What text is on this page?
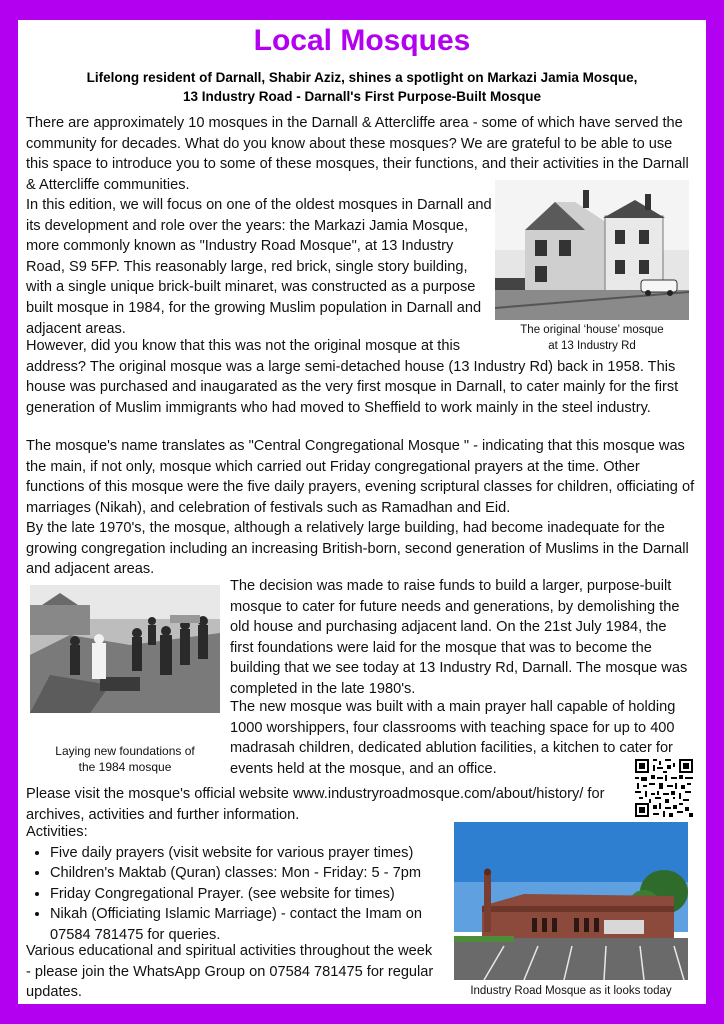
Local Mosques
Lifelong resident of Darnall, Shabir Aziz, shines a spotlight on Markazi Jamia Mosque,
13 Industry Road - Darnall's First Purpose-Built Mosque

There are approximately 10 mosques in the Darnall & Attercliffe area - some of which have served the community for decades. What do you know about these mosques? We are grateful to be able to use this space to introduce you to some of these mosques, their functions, and their activities in the Darnall & Attercliffe communities.

In this edition, we will focus on one of the oldest mosques in Darnall and its development and role over the years: the Markazi Jamia Mosque, more commonly known as "Industry Road Mosque", at 13 Industry Road, S9 5FP. This reasonably large, red brick, single story building, with a single unique brick-built minaret, was constructed as a purpose built mosque in 1984, for the growing Muslim population in Darnall and adjacent areas.	The original ‘house’ mosque
at 13 Industry Rd

However, did you know that this was not the original mosque at this
address? The original mosque was a large semi-detached house (13 Industry Rd) back in 1958. This house was purchased and inaugarated as the very first mosque in Darnall, to cater mainly for the first generation of Muslim immigrants who had moved to Sheffield to work mainly in the steel industry.

The mosque's name translates as "Central Congregational Mosque " - indicating that this mosque was the main, if not only, mosque which carried out Friday congregational prayers at the time. Other functions of this mosque were the five daily prayers, evening scriptural classes for children, officiating of marriages (Nikah), and celebration of festivals such as Ramadhan and Eid.

By the late 1970's, the mosque, although a relatively large building, had become inadequate for the growing congregation including an increasing British-born, second generation of Muslims in the Darnall and adjacent areas.

Laying new foundations of
the 1984 mosque

The decision was made to raise funds to build a larger, purpose-built mosque to cater for future needs and generations, by demolishing the old house and purchasing adjacent land. On the 21st July 1984, the first foundations were laid for the mosque that was to become the building that we see today at 13 Industry Rd, Darnall. The mosque was completed in the late 1980's.

The new mosque was built with a main prayer hall capable of holding 1000 worshippers, four classrooms with teaching space for up to 400 madrasah children, dedicated ablution facilities, a kitchen to cater for events held at the mosque, and an office.

Please visit the mosque's official website www.industryroadmosque.com/about/history/ for archives, activities and further information.

Activities:
• Five daily prayers (visit website for various prayer times)
• Children's Maktab (Quran) classes: Mon - Friday: 5 - 7pm
• Friday Congregational Prayer. (see website for times)
• Nikah (Officiating Islamic Marriage) - contact the Imam on 07584 781475 for queries.

Various educational and spiritual activities throughout the week - please join the WhatsApp Group on 07584 781475 for regular updates.	Industry Road Mosque as it looks today
